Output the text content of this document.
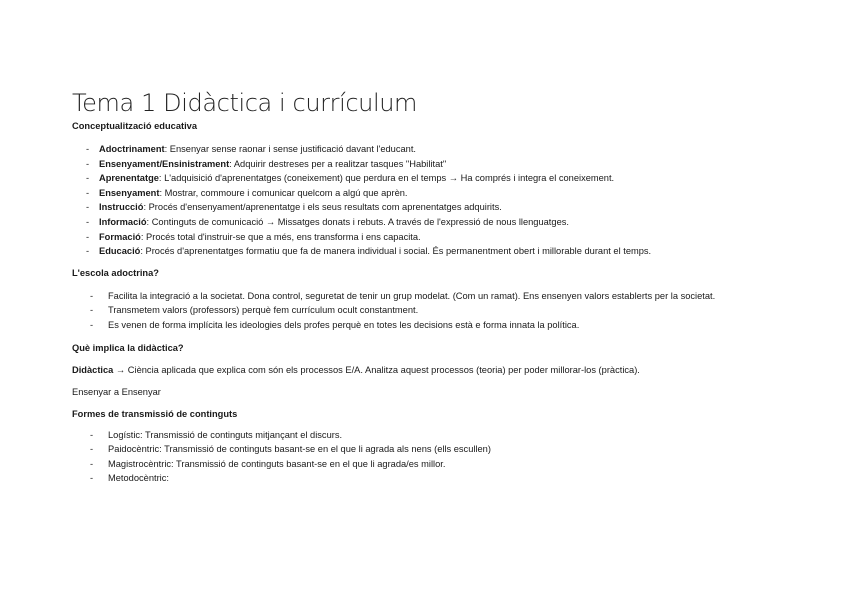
Tema 1 Didàctica i currículum

Conceptualització educativa

- Adoctrinament: Ensenyar sense raonar i sense justificació davant l'educant.
- Ensenyament/Ensinistrament: Adquirir destreses per a realitzar tasques "Habilitat"
- Aprenentatge: L'adquisició d'aprenentatges (coneixement) que perdura en el temps → Ha comprés i integra el coneixement.
- Ensenyament: Mostrar, commoure i comunicar quelcom a algú que aprèn.
- Instrucció: Procés d'ensenyament/aprenentatge i els seus resultats com aprenentatges adquirits.
- Informació: Continguts de comunicació → Missatges donats i rebuts. A través de l'expressió de nous llenguatges.
- Formació: Procés total d'instruir-se que a més, ens transforma i ens capacita.
- Educació: Procés d'aprenentatges formatiu que fa de manera individual i social. És permanentment obert i millorable durant el temps.

L'escola adoctrina?

- Facilita la integració a la societat. Dona control, seguretat de tenir un grup modelat. (Com un ramat). Ens ensenyen valors establerts per la societat.
- Transmetem valors (professors) perquè fem currículum ocult constantment.
- Es venen de forma implícita les ideologies dels profes perquè en totes les decisions està e forma innata la política.

Què implica la didàctica?

Didàctica → Ciència aplicada que explica com són els processos E/A. Analitza aquest processos (teoria) per poder millorar-los (pràctica).

Ensenyar a Ensenyar

Formes de transmissió de continguts

- Logístic: Transmissió de continguts mitjançant el discurs.
- Paidocèntric: Transmissió de continguts basant-se en el que li agrada als nens (ells escullen)
- Magistrocèntric: Transmissió de continguts basant-se en el que li agrada/es millor.
- Metodocèntric:
